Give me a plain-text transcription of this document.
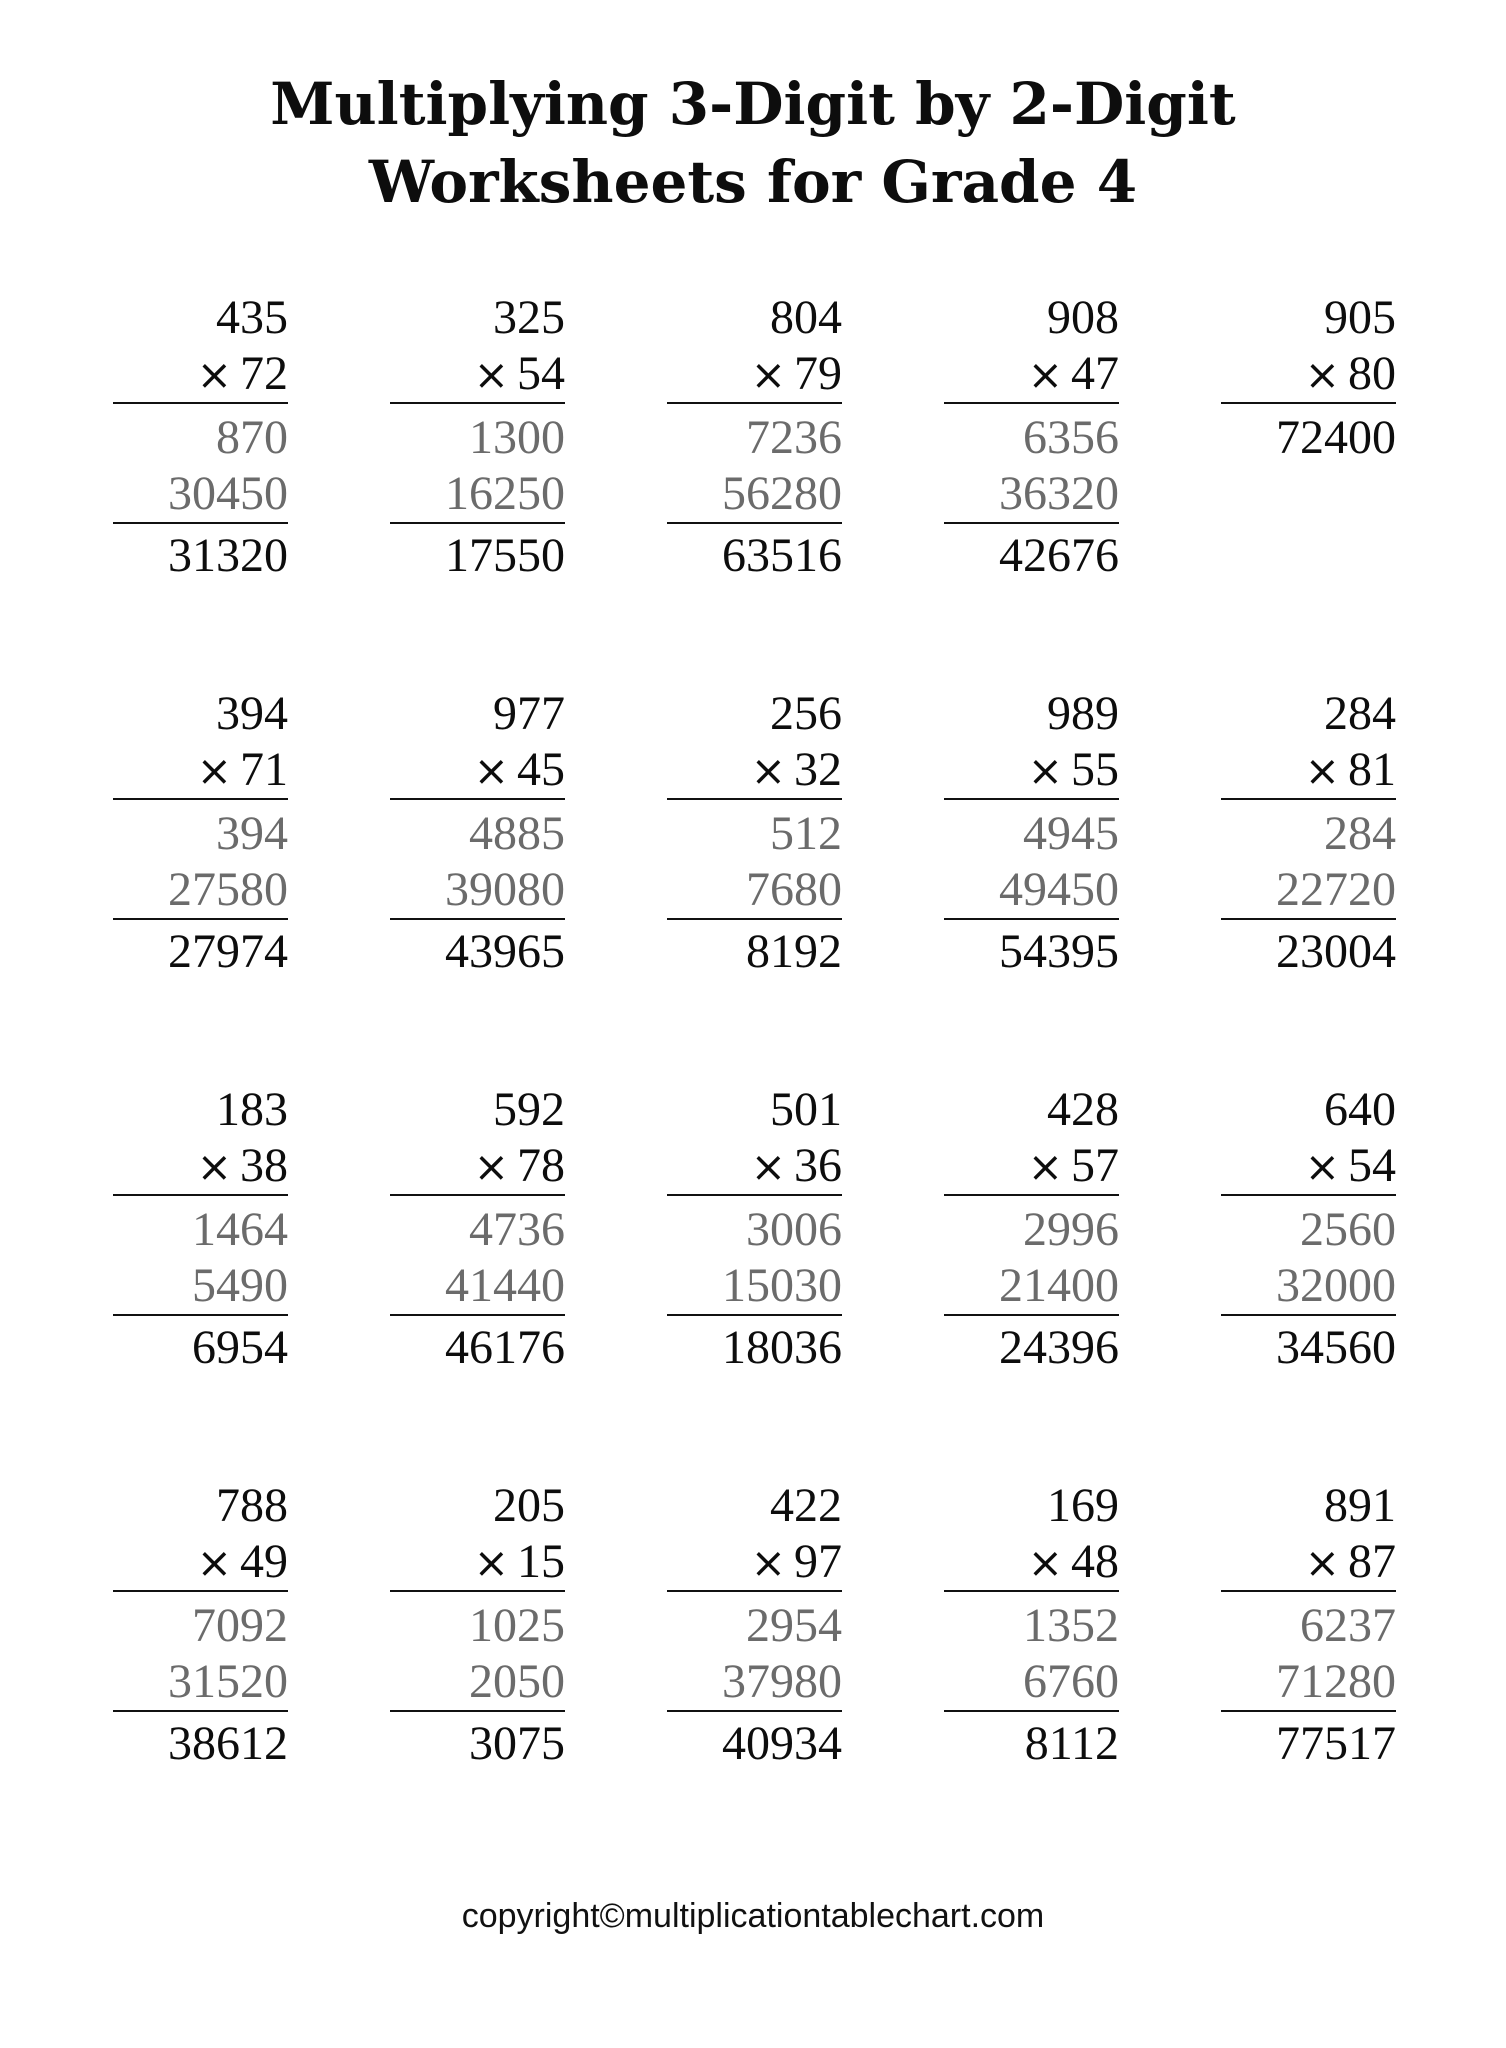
Multiplying 3-Digit by 2-Digit
Worksheets for Grade 4
435
× 72
870
30450
31320
325
× 54
1300
16250
17550
804
× 79
7236
56280
63516
908
× 47
6356
36320
42676
905
× 80
72400
394
× 71
394
27580
27974
977
× 45
4885
39080
43965
256
× 32
512
7680
8192
989
× 55
4945
49450
54395
284
× 81
284
22720
23004
183
× 38
1464
5490
6954
592
× 78
4736
41440
46176
501
× 36
3006
15030
18036
428
× 57
2996
21400
24396
640
× 54
2560
32000
34560
788
× 49
7092
31520
38612
205
× 15
1025
2050
3075
422
× 97
2954
37980
40934
169
× 48
1352
6760
8112
891
× 87
6237
71280
77517
copyright©multiplicationtablechart.com
